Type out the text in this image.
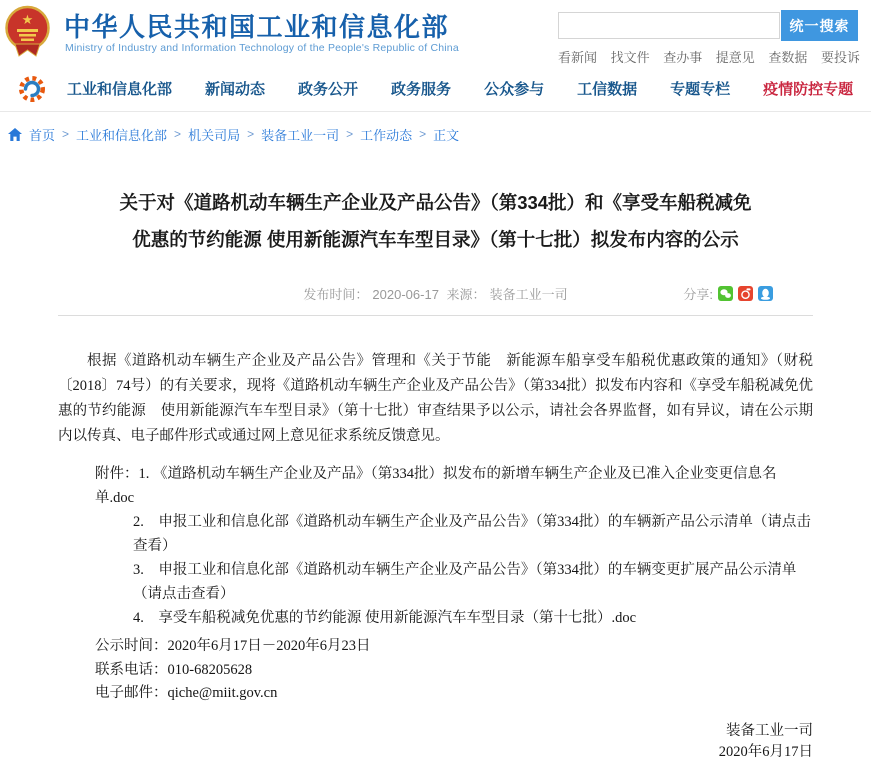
★ 中华人民共和国工业和信息化部
Ministry of Industry and Information Technology of the People's Republic of China
统一搜索
看新闻 找文件 查办事 提意见 查数据 要投诉
工业和信息化部 新闻动态 政务公开 政务服务 公众参与 工信数据 专题专栏 疫情防控专题
首页 > 工业和信息化部 > 机关司局 > 装备工业一司 > 工作动态 > 正文
关于对《道路机动车辆生产企业及产品公告》（第334批）和《享受车船税减免
优惠的节约能源 使用新能源汽车车型目录》（第十七批）拟发布内容的公示
发布时间： 2020-06-17 来源： 装备工业一司	分享:

根据《道路机动车辆生产企业及产品公告》管理和《关于节能　新能源车船享受车船税优惠政策的通知》（财税〔2018〕74号）的有关要求，现将《道路机动车辆生产企业及产品公告》（第334批）拟发布内容和《享受车船税减免优惠的节约能源　使用新能源汽车车型目录》（第十七批）审查结果予以公示，请社会各界监督，如有异议，请在公示期内以传真、电子邮件形式或通过网上意见征求系统反馈意见。

附件：1. 《道路机动车辆生产企业及产品》（第334批）拟发布的新增车辆生产企业及已准入企业变更信息名单.doc
2.　申报工业和信息化部《道路机动车辆生产企业及产品公告》（第334批）的车辆新产品公示清单（请点击查看）
3.　申报工业和信息化部《道路机动车辆生产企业及产品公告》（第334批）的车辆变更扩展产品公示清单（请点击查看）
4.　享受车船税减免优惠的节约能源 使用新能源汽车车型目录（第十七批）.doc
公示时间：2020年6月17日－2020年6月23日
联系电话：010-68205628
电子邮件：qiche@miit.gov.cn
装备工业一司
2020年6月17日
